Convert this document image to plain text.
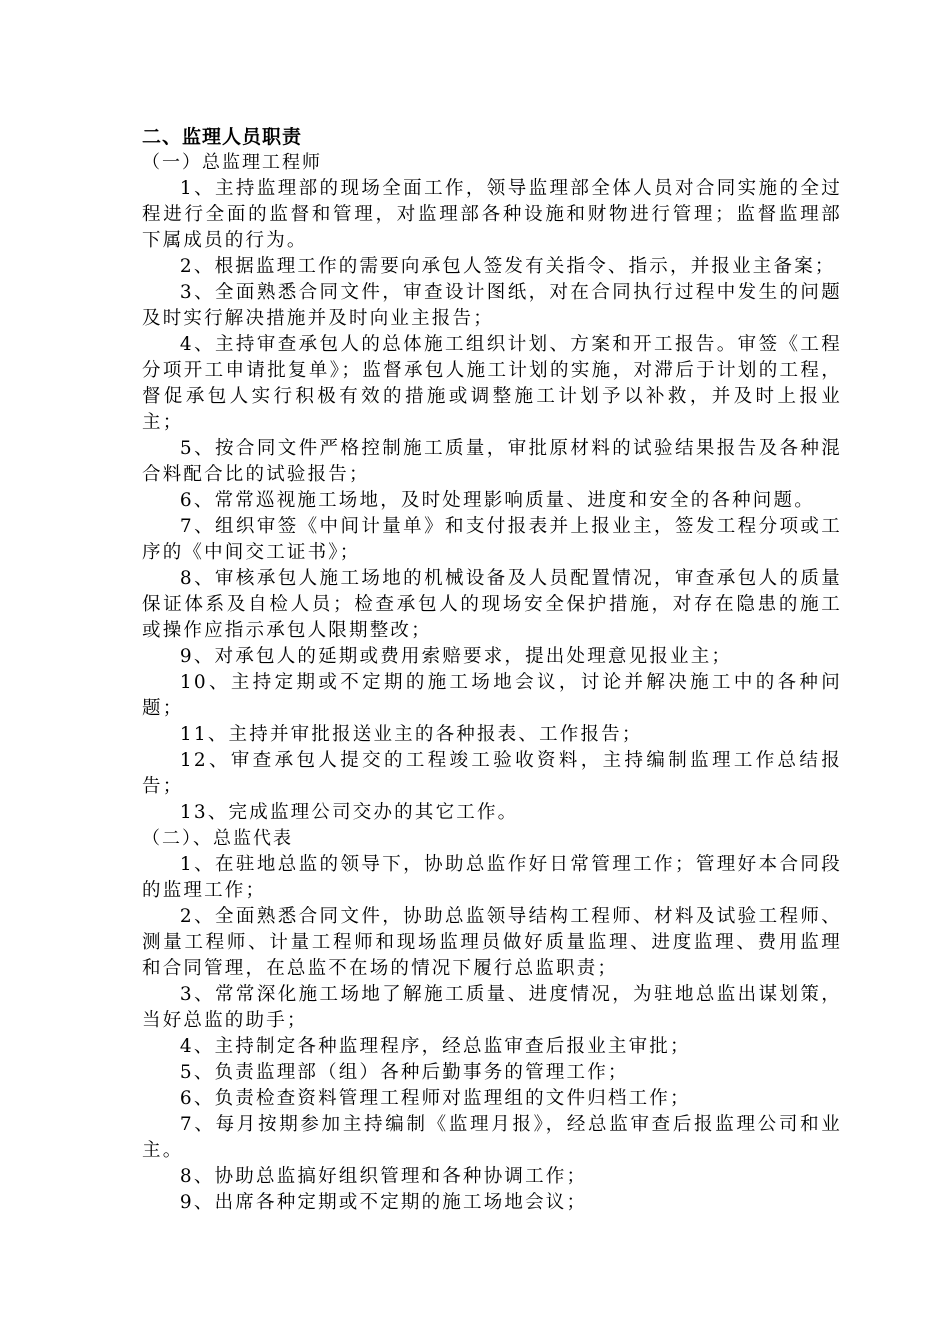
二、监理人员职责

（一）总监理工程师

1、主持监理部的现场全面工作，领导监理部全体人员对合同实施的全过程进行全面的监督和管理，对监理部各种设施和财物进行管理；监督监理部下属成员的行为。

2、根据监理工作的需要向承包人签发有关指令、指示，并报业主备案；

3、全面熟悉合同文件，审查设计图纸，对在合同执行过程中发生的问题及时实行解决措施并及时向业主报告；

4、主持审查承包人的总体施工组织计划、方案和开工报告。审签《工程分项开工申请批复单》；监督承包人施工计划的实施，对滞后于计划的工程，督促承包人实行积极有效的措施或调整施工计划予以补救，并及时上报业主；

5、按合同文件严格控制施工质量，审批原材料的试验结果报告及各种混合料配合比的试验报告；

6、常常巡视施工场地，及时处理影响质量、进度和安全的各种问题。

7、组织审签《中间计量单》和支付报表并上报业主，签发工程分项或工序的《中间交工证书》；

8、审核承包人施工场地的机械设备及人员配置情况，审查承包人的质量保证体系及自检人员；检查承包人的现场安全保护措施，对存在隐患的施工或操作应指示承包人限期整改；

9、对承包人的延期或费用索赔要求，提出处理意见报业主；

10、主持定期或不定期的施工场地会议，讨论并解决施工中的各种问题；

11、主持并审批报送业主的各种报表、工作报告；

12、审查承包人提交的工程竣工验收资料，主持编制监理工作总结报告；

13、完成监理公司交办的其它工作。

（二）、总监代表

1、在驻地总监的领导下，协助总监作好日常管理工作；管理好本合同段的监理工作；

2、全面熟悉合同文件，协助总监领导结构工程师、材料及试验工程师、测量工程师、计量工程师和现场监理员做好质量监理、进度监理、费用监理和合同管理，在总监不在场的情况下履行总监职责；

3、常常深化施工场地了解施工质量、进度情况，为驻地总监出谋划策，当好总监的助手；

4、主持制定各种监理程序，经总监审查后报业主审批；

5、负责监理部（组）各种后勤事务的管理工作；

6、负责检查资料管理工程师对监理组的文件归档工作；

7、每月按期参加主持编制《监理月报》，经总监审查后报监理公司和业主。

8、协助总监搞好组织管理和各种协调工作；

9、出席各种定期或不定期的施工场地会议；
